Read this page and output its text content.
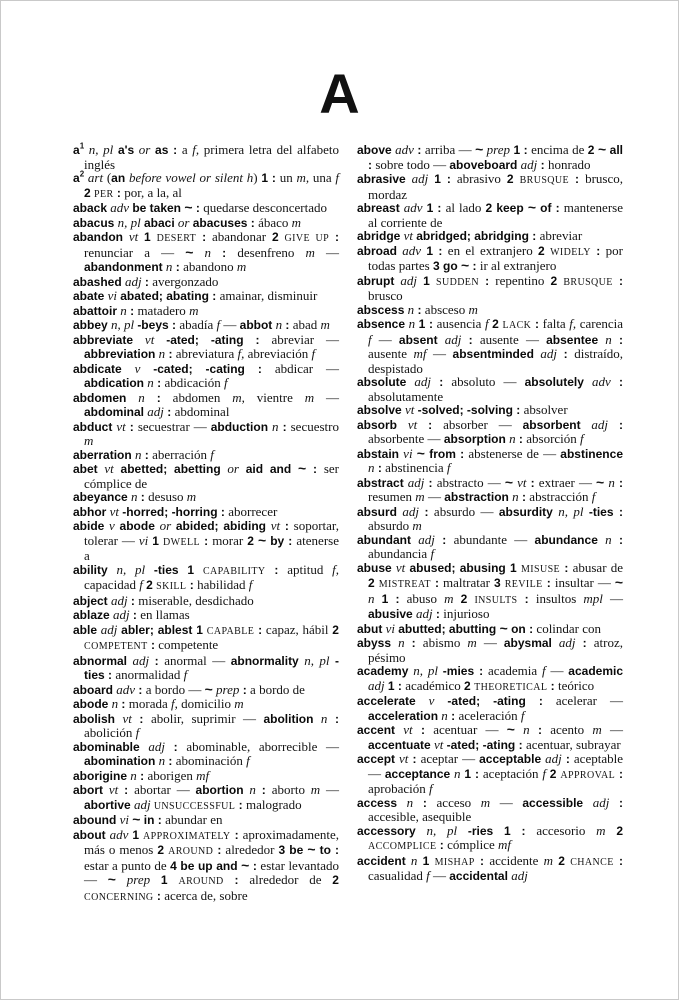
A

$a^1$ n, pl a's or as : a f, primera letra del alfabeto inglés

$a^2$ art (an before vowel or silent h) 1 : un m, una f 2 PER : por, a la, al

aback adv be taken ~ : quedarse desconcertado

abacus n, pl abaci or abacuses : ábaco m

abandon vt 1 DESERT : abandonar 2 GIVE UP : renunciar a — ~ n : desenfreno m — abandonment n : abandono m

abashed adj : avergonzado

abate vi abated; abating : amainar, disminuir

abattoir n : matadero m

abbey n, pl -beys : abadía f — abbot n : abad m

abbreviate vt -ated; -ating : abreviar — abbreviation n : abreviatura f, abreviación f

abdicate v -cated; -cating : abdicar — abdication n : abdicación f

abdomen n : abdomen m, vientre m — abdominal adj : abdominal

abduct vt : secuestrar — abduction n : secuestro m

aberration n : aberración f

abet vt abetted; abetting or aid and ~ : ser cómplice de

abeyance n : desuso m

abhor vt -horred; -horring : aborrecer

abide v abode or abided; abiding vt : soportar, tolerar — vi 1 DWELL : morar 2 ~ by : atenerse a

ability n, pl -ties 1 CAPABILITY : aptitud f, capacidad f 2 SKILL : habilidad f

abject adj : miserable, desdichado

ablaze adj : en llamas

able adj abler; ablest 1 CAPABLE : capaz, hábil 2 COMPETENT : competente

abnormal adj : anormal — abnormality n, pl -ties : anormalidad f

aboard adv : a bordo — ~ prep : a bordo de

abode n : morada f, domicilio m

abolish vt : abolir, suprimir — abolition n : abolición f

abominable adj : abominable, aborrecible — abomination n : abominación f

aborigine n : aborigen mf

abort vt : abortar — abortion n : aborto m — abortive adj UNSUCCESSFUL : malogrado

abound vi ~ in : abundar en

about adv 1 APPROXIMATELY : aproximadamente, más o menos 2 AROUND : alrededor 3 be ~ to : estar a punto de 4 be up and ~ : estar levantado — ~ prep 1 AROUND : alrededor de 2 CONCERNING : acerca de, sobre

above adv : arriba — ~ prep 1 : encima de 2 ~ all : sobre todo — aboveboard adj : honrado

abrasive adj 1 : abrasivo 2 BRUSQUE : brusco, mordaz

abreast adv 1 : al lado 2 keep ~ of : mantenerse al corriente de

abridge vt abridged; abridging : abreviar

abroad adv 1 : en el extranjero 2 WIDELY : por todas partes 3 go ~ : ir al extranjero

abrupt adj 1 SUDDEN : repentino 2 BRUSQUE : brusco

abscess n : absceso m

absence n 1 : ausencia f 2 LACK : falta f, carencia f — absent adj : ausente — absentee n : ausente mf — absentminded adj : distraído, despistado

absolute adj : absoluto — absolutely adv : absolutamente

absolve vt -solved; -solving : absolver

absorb vt : absorber — absorbent adj : absorbente — absorption n : absorción f

abstain vi ~ from : abstenerse de — abstinence n : abstinencia f

abstract adj : abstracto — ~ vt : extraer — ~ n : resumen m — abstraction n : abstracción f

absurd adj : absurdo — absurdity n, pl -ties : absurdo m

abundant adj : abundante — abundance n : abundancia f

abuse vt abused; abusing 1 MISUSE : abusar de 2 MISTREAT : maltratar 3 REVILE : insultar — ~ n 1 : abuso m 2 INSULTS : insultos mpl — abusive adj : injurioso

abut vi abutted; abutting ~ on : colindar con

abyss n : abismo m — abysmal adj : atroz, pésimo

academy n, pl -mies : academia f — academic adj 1 : académico 2 THEORETICAL : teórico

accelerate v -ated; -ating : acelerar — acceleration n : aceleración f

accent vt : acentuar — ~ n : acento m — accentuate vt -ated; -ating : acentuar, subrayar

accept vt : aceptar — acceptable adj : aceptable — acceptance n 1 : aceptación f 2 APPROVAL : aprobación f

access n : acceso m — accessible adj : accesible, asequible

accessory n, pl -ries 1 : accesorio m 2 ACCOMPLICE : cómplice mf

accident n 1 MISHAP : accidente m 2 CHANCE : casualidad f — accidental adj
